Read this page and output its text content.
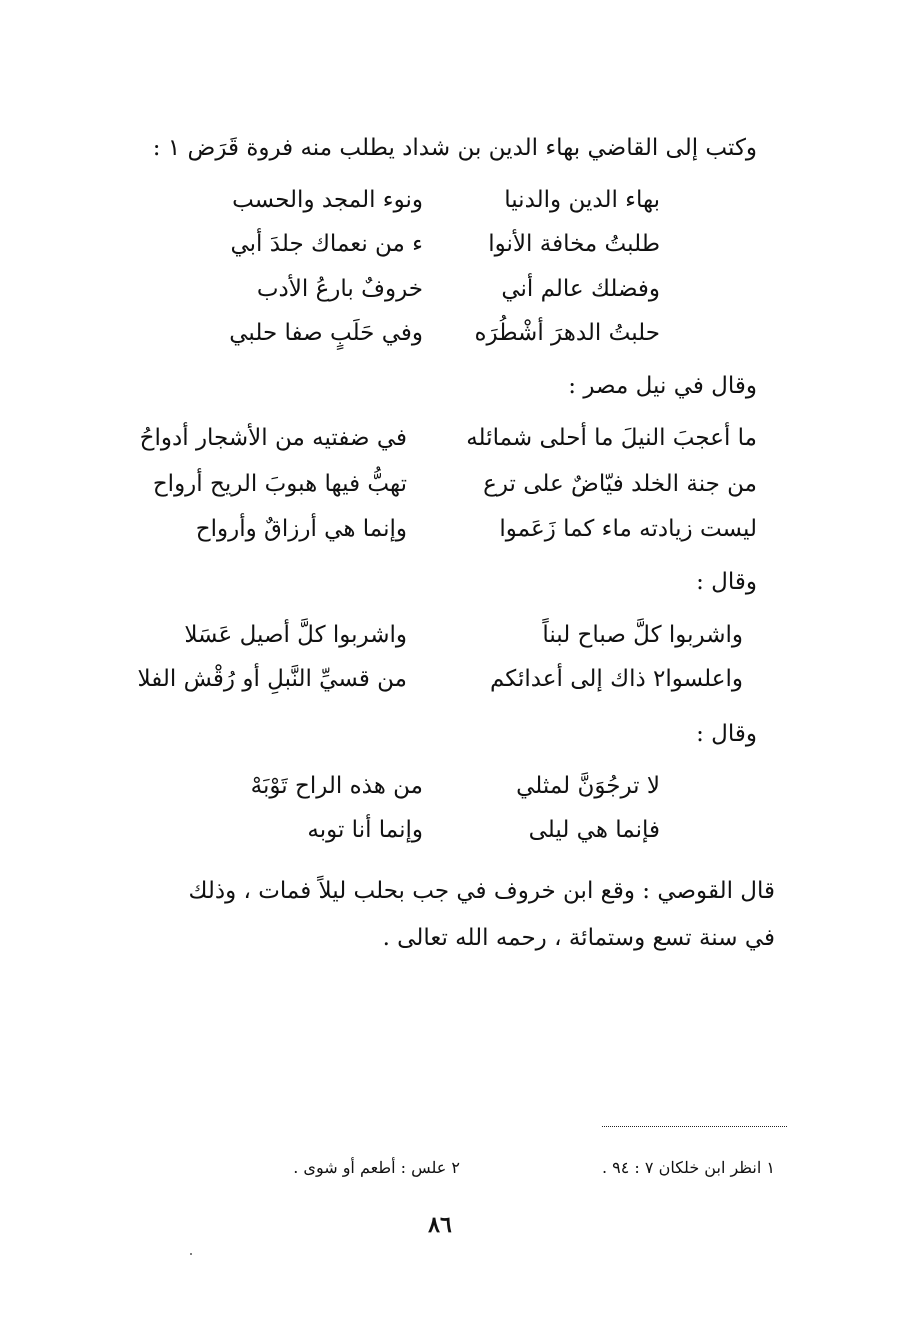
وكتب إلى القاضي بهاء الدين بن شداد يطلب منه فروة قَرَض ١ :
بهاء الدين والدنيا
ونوء المجد والحسب
طلبتُ مخافة الأنوا
ء من نعماك جلدَ أبي
وفضلك عالم أني
خروفٌ بارعُ الأدب
حلبتُ الدهرَ أشْطُرَه
وفي حَلَبٍ صفا حلبي
وقال في نيل مصر :
ما أعجبَ النيلَ ما أحلى شمائله
في ضفتيه من الأشجار أدواحُ
من جنة الخلد فيّاضٌ على ترع
تهبُّ فيها هبوبَ الريح أرواح
ليست زيادته ماء كما زَعَموا
وإنما هي أرزاقٌ وأرواح
وقال :
واشربوا كلَّ صباح لبناً
واشربوا كلَّ أصيل عَسَلا
واعلسوا٢ ذاك إلى أعدائكم
من قسيِّ النَّبلِ أو رُقْش الفلا
وقال :
لا ترجُوَنَّ لمثلي
من هذه الراح تَوْبَهْ
فإنما هي ليلى
وإنما أنا توبه
قال القوصي : وقع ابن خروف في جب بحلب ليلاً فمات ، وذلك
في سنة تسع وستمائة ، رحمه الله تعالى .
١ انظر ابن خلكان ٧ : ٩٤ .
٢ علس : أطعم أو شوى .
٨٦
